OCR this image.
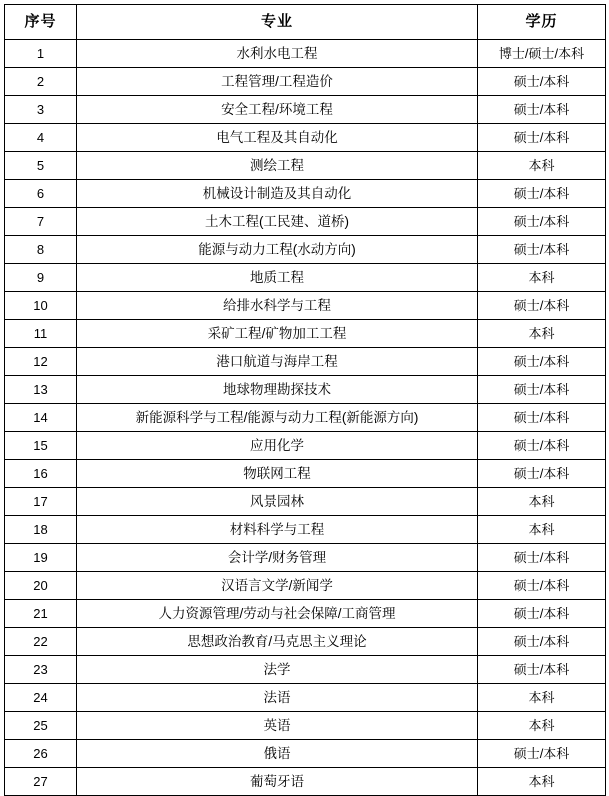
序号	专业	学历
1	水利水电工程	博士/硕士/本科
2	工程管理/工程造价	硕士/本科
3	安全工程/环境工程	硕士/本科
4	电气工程及其自动化	硕士/本科
5	测绘工程	本科
6	机械设计制造及其自动化	硕士/本科
7	土木工程(工民建、道桥)	硕士/本科
8	能源与动力工程(水动方向)	硕士/本科
9	地质工程	本科
10	给排水科学与工程	硕士/本科
11	采矿工程/矿物加工工程	本科
12	港口航道与海岸工程	硕士/本科
13	地球物理勘探技术	硕士/本科
14	新能源科学与工程/能源与动力工程(新能源方向)	硕士/本科
15	应用化学	硕士/本科
16	物联网工程	硕士/本科
17	风景园林	本科
18	材料科学与工程	本科
19	会计学/财务管理	硕士/本科
20	汉语言文学/新闻学	硕士/本科
21	人力资源管理/劳动与社会保障/工商管理	硕士/本科
22	思想政治教育/马克思主义理论	硕士/本科
23	法学	硕士/本科
24	法语	本科
25	英语	本科
26	俄语	硕士/本科
27	葡萄牙语	本科
